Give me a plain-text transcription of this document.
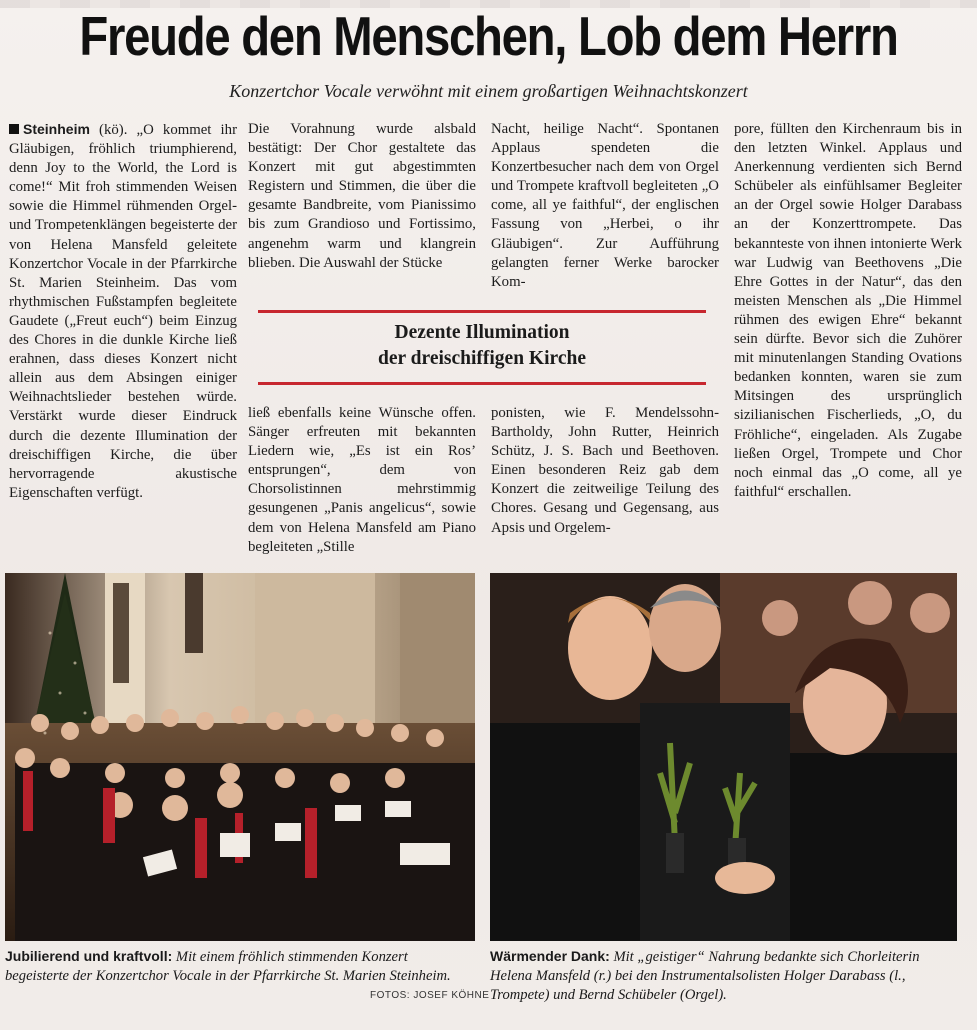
Freude den Menschen, Lob dem Herrn
Konzertchor Vocale verwöhnt mit einem großartigen Weihnachtskonzert

Steinheim (kö). „O kommet ihr Gläubigen, fröhlich triumphierend, denn Joy to the World, the Lord is come!“ Mit froh stimmenden Weisen sowie die Himmel rühmenden Orgel- und Trompetenklängen begeisterte der von Helena Mansfeld geleitete Konzertchor Vocale in der Pfarrkirche St. Marien Steinheim. Das vom rhythmischen Fußstampfen begleitete Gaudete („Freut euch“) beim Einzug des Chores in die dunkle Kirche ließ erahnen, dass dieses Konzert nicht allein aus dem Absingen einiger Weihnachtslieder bestehen würde. Verstärkt wurde dieser Eindruck durch die dezente Illumination der dreischiffigen Kirche, die über hervorragende akustische Eigenschaften verfügt.

Die Vorahnung wurde alsbald bestätigt: Der Chor gestaltete das Konzert mit gut abgestimmten Registern und Stimmen, die über die gesamte Bandbreite, vom Pianissimo bis zum Grandioso und Fortissimo, angenehm warm und klangrein blieben. Die Auswahl der Stücke

Nacht, heilige Nacht“. Spontanen Applaus spendeten die Konzertbesucher nach dem von Orgel und Trompete kraftvoll begleiteten „O come, all ye faithful“, der englischen Fassung von „Herbei, o ihr Gläubigen“. Zur Aufführung gelangten ferner Werke barocker Kom-

pore, füllten den Kirchenraum bis in den letzten Winkel. Applaus und Anerkennung verdienten sich Bernd Schübeler als einfühlsamer Begleiter an der Orgel sowie Holger Darabass an der Konzerttrompete. Das bekannteste von ihnen intonierte Werk war Ludwig van Beethovens „Die Ehre Gottes in der Natur“, das den meisten Menschen als „Die Himmel rühmen des ewigen Ehre“ bekannt sein dürfte. Bevor sich die Zuhörer mit minutenlangen Standing Ovations bedanken konnten, waren sie zum Mitsingen des ursprünglich sizilianischen Fischerlieds, „O, du Fröhliche“, eingeladen. Als Zugabe ließen Orgel, Trompete und Chor noch einmal das „O come, all ye faithful“ erschallen.

Dezente Illumination
der dreischiffigen Kirche

ließ ebenfalls keine Wünsche offen. Sänger erfreuten mit bekannten Liedern wie, „Es ist ein Ros’ entsprungen“, dem von Chorsolistinnen mehrstimmig gesungenen „Panis angelicus“, sowie dem von Helena Mansfeld am Piano begleiteten „Stille

ponisten, wie F. Mendelssohn-Bartholdy, John Rutter, Heinrich Schütz, J. S. Bach und Beethoven. Einen besonderen Reiz gab dem Konzert die zeitweilige Teilung des Chores. Gesang und Gegensang, aus Apsis und Orgelem-

Jubilierend und kraftvoll: Mit einem fröhlich stimmenden Konzert begeisterte der Konzertchor Vocale in der Pfarrkirche St. Marien Steinheim.
FOTOS: JOSEF KÖHNE
Wärmender Dank: Mit „geistiger“ Nahrung bedankte sich Chorleiterin Helena Mansfeld (r.) bei den Instrumentalsolisten Holger Darabass (l., Trompete) und Bernd Schübeler (Orgel).
